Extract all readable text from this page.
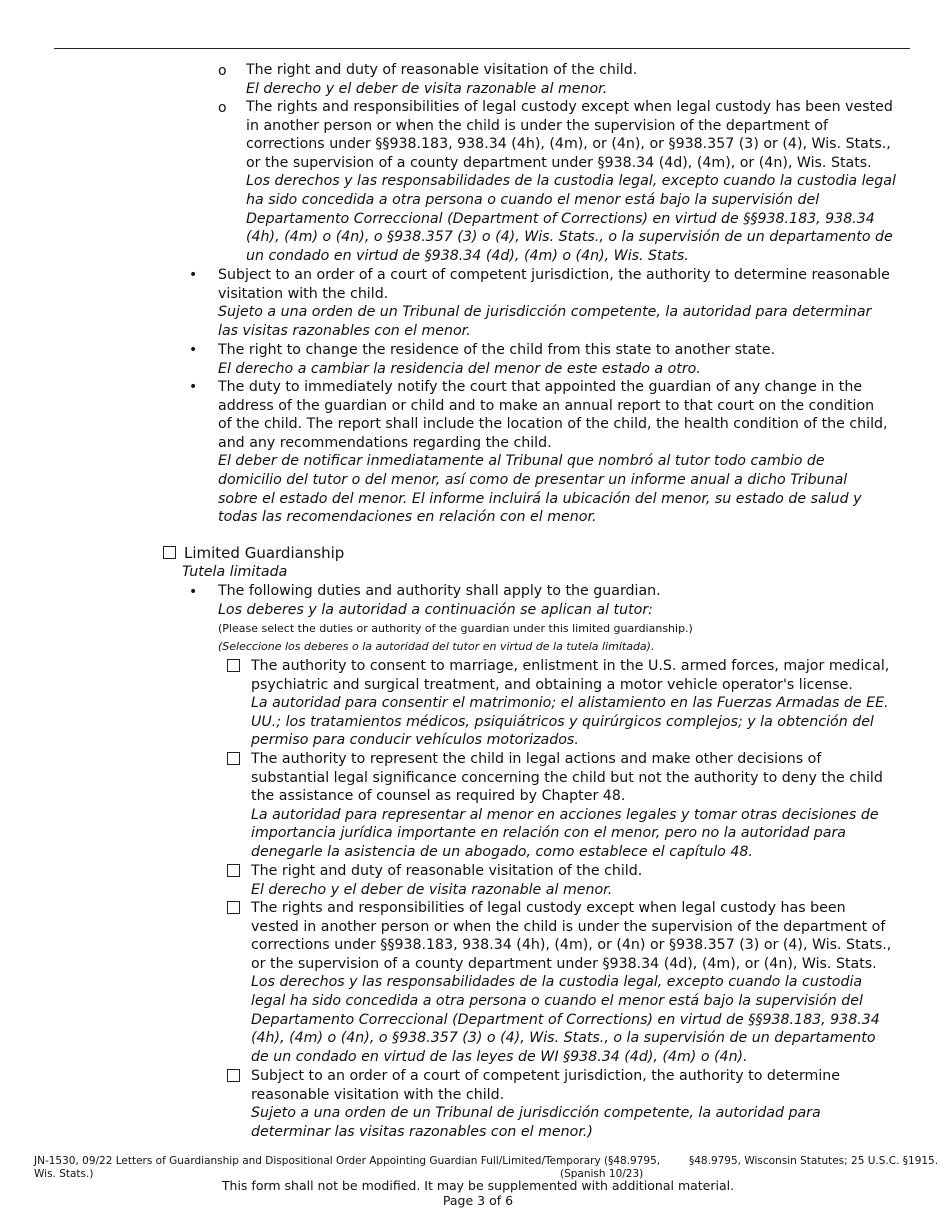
o The right and duty of reasonable visitation of the child.

El derecho y el deber de visita razonable al menor.

o The rights and responsibilities of legal custody except when legal custody has been vested in another person or when the child is under the supervision of the department of corrections under §§938.183, 938.34 (4h), (4m), or (4n), or §938.357 (3) or (4), Wis. Stats., or the supervision of a county department under §938.34 (4d), (4m), or (4n), Wis. Stats.

Los derechos y las responsabilidades de la custodia legal, excepto cuando la custodia legal ha sido concedida a otra persona o cuando el menor está bajo la supervisión del Departamento Correccional (Department of Corrections) en virtud de §§938.183, 938.34 (4h), (4m) o (4n), o §938.357 (3) o (4), Wis. Stats., o la supervisión de un departamento de un condado en virtud de §938.34 (4d), (4m) o (4n), Wis. Stats.

• Subject to an order of a court of competent jurisdiction, the authority to determine reasonable visitation with the child.

Sujeto a una orden de un Tribunal de jurisdicción competente, la autoridad para determinar las visitas razonables con el menor.

• The right to change the residence of the child from this state to another state.

El derecho a cambiar la residencia del menor de este estado a otro.

• The duty to immediately notify the court that appointed the guardian of any change in the address of the guardian or child and to make an annual report to that court on the condition of the child. The report shall include the location of the child, the health condition of the child, and any recommendations regarding the child.

El deber de notificar inmediatamente al Tribunal que nombró al tutor todo cambio de domicilio del tutor o del menor, así como de presentar un informe anual a dicho Tribunal sobre el estado del menor. El informe incluirá la ubicación del menor, su estado de salud y todas las recomendaciones en relación con el menor.

Limited Guardianship
Tutela limitada
• The following duties and authority shall apply to the guardian.

Los deberes y la autoridad a continuación se aplican al tutor:

(Please select the duties or authority of the guardian under this limited guardianship.)
(Seleccione los deberes o la autoridad del tutor en virtud de la tutela limitada).

The authority to consent to marriage, enlistment in the U.S. armed forces, major medical, psychiatric and surgical treatment, and obtaining a motor vehicle operator's license.

La autoridad para consentir el matrimonio; el alistamiento en las Fuerzas Armadas de EE. UU.; los tratamientos médicos, psiquiátricos y quirúrgicos complejos; y la obtención del permiso para conducir vehículos motorizados.

The authority to represent the child in legal actions and make other decisions of substantial legal significance concerning the child but not the authority to deny the child the assistance of counsel as required by Chapter 48.

La autoridad para representar al menor en acciones legales y tomar otras decisiones de importancia jurídica importante en relación con el menor, pero no la autoridad para denegarle la asistencia de un abogado, como establece el capítulo 48.

The right and duty of reasonable visitation of the child.

El derecho y el deber de visita razonable al menor.

The rights and responsibilities of legal custody except when legal custody has been vested in another person or when the child is under the supervision of the department of corrections under §§938.183, 938.34 (4h), (4m), or (4n) or §938.357 (3) or (4), Wis. Stats., or the supervision of a county department under §938.34 (4d), (4m), or (4n), Wis. Stats.

Los derechos y las responsabilidades de la custodia legal, excepto cuando la custodia legal ha sido concedida a otra persona o cuando el menor está bajo la supervisión del Departamento Correccional (Department of Corrections) en virtud de §§938.183, 938.34 (4h), (4m) o (4n), o §938.357 (3) o (4), Wis. Stats., o la supervisión de un departamento de un condado en virtud de las leyes de WI §938.34 (4d), (4m) o (4n).

Subject to an order of a court of competent jurisdiction, the authority to determine reasonable visitation with the child.

Sujeto a una orden de un Tribunal de jurisdicción competente, la autoridad para determinar las visitas razonables con el menor.)

JN-1530, 09/22 Letters of Guardianship and Dispositional Order Appointing Guardian Full/Limited/Temporary (§48.9795, Wis. Stats.)	(Spanish 10/23)
§48.9795, Wisconsin Statutes; 25 U.S.C. §1915.
This form shall not be modified. It may be supplemented with additional material.
Page 3 of 6
